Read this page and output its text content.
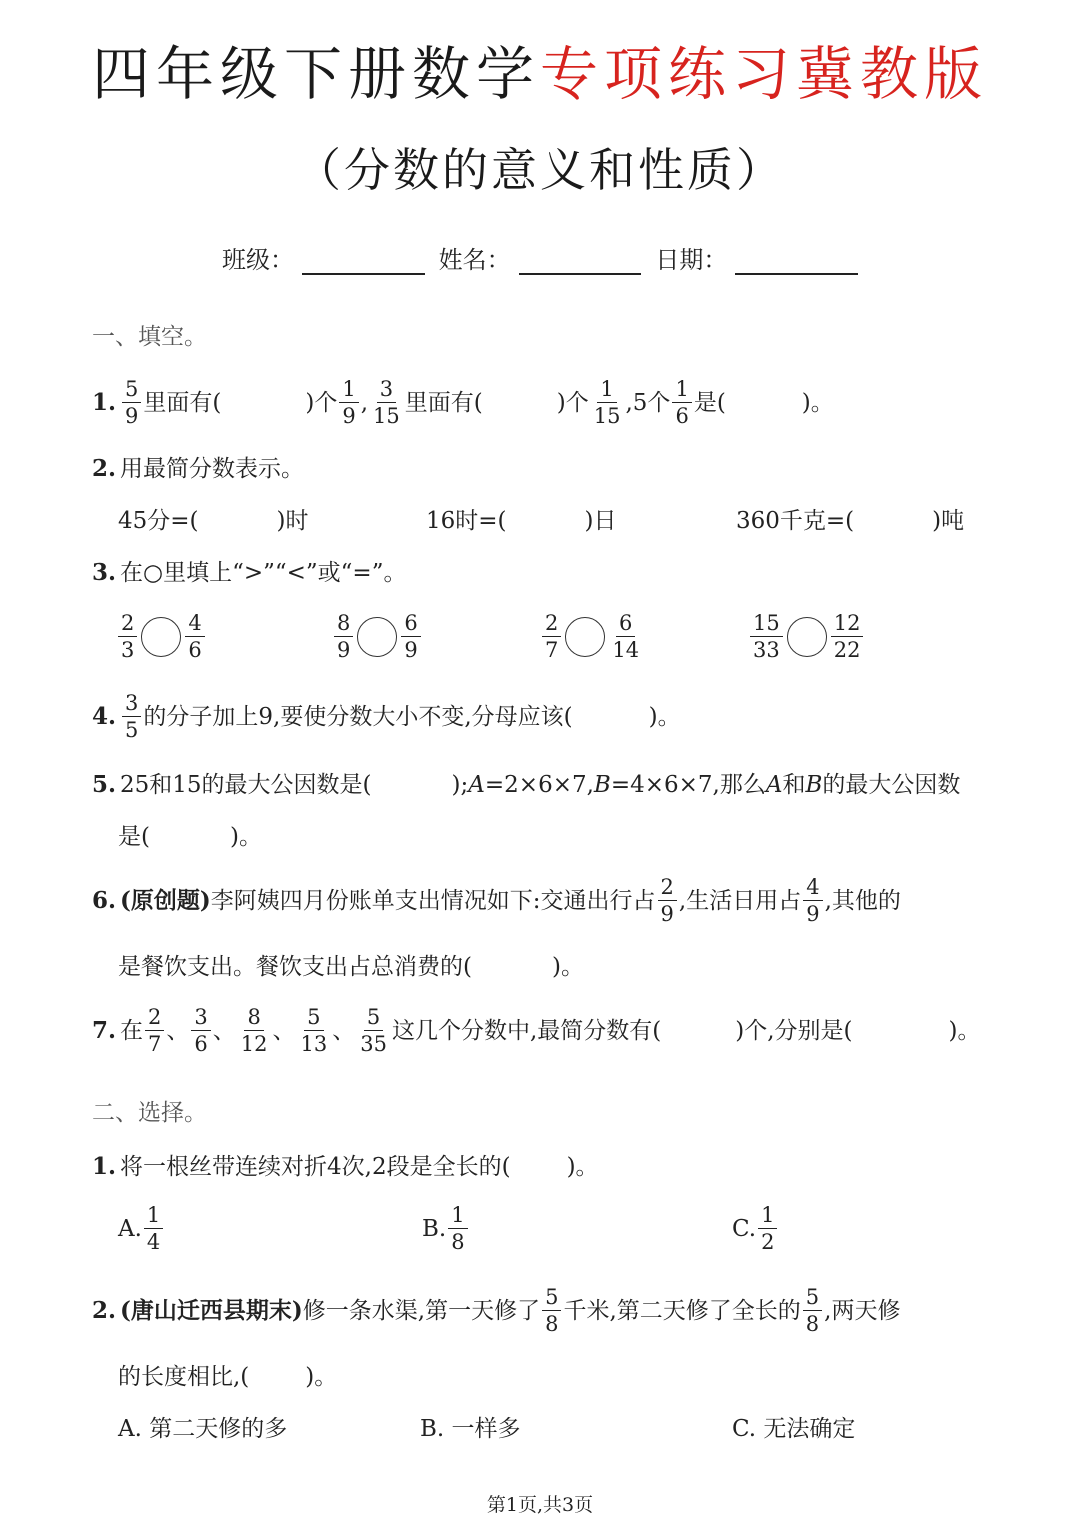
四年级下册数学专项练习冀教版
（分数的意义和性质）
班级：	姓名：	日期：
一、填空。
1. $\frac{5}{9}$ 里面有(	)个 $\frac{1}{9}$ , $\frac{3}{15}$ 里面有(	)个 $\frac{1}{15} ,5$个 $\frac{1}{6}$ 是(	)。
2. 用最简分数表示。
45分=(	)时	16时=(	)日	360千克=(	)吨
3. 在○里填上“>”“<”或“=”。
$\frac{2}{3} \frac{4}{6}$	$\frac{8}{9} \frac{6}{9}$	$\frac{2}{7} \frac{6}{14}$	$\frac{15}{33} \frac{12}{22}$
4. $\frac{3}{5}$ 的分子加上9,要使分数大小不变,分母应该(	)。
5. 25和15的最大公因数是(	); A =2×6×7, B =4×6×7,那么 A 和 B 的最大公因数
是(	)。
6. (原创题) 李阿姨四月份账单支出情况如下:交通出行占 $\frac{2}{9}$ ,生活日用占 $\frac{4}{9}$ ,其他的
是餐饮支出。餐饮支出占总消费的(	)。
7. 在 $\frac{2}{7}$ 、 $\frac{3}{6}$ 、 $\frac{8}{12}$ 、 $\frac{5}{13}$ 、 $\frac{5}{35}$ 这几个分数中,最简分数有(	)个,分别是(	)。
二、选择。
1. 将一根丝带连续对折4次,2段是全长的( )。
A. $\frac{1}{4}$	B. $\frac{1}{8}$	C. $\frac{1}{2}$
2. (唐山迁西县期末) 修一条水渠,第一天修了 $\frac{5}{8}$ 千米,第二天修了全长的 $\frac{5}{8}$ ,两天修
的长度相比,( )。
A. 第二天修的多	B. 一样多	C. 无法确定
第1页,共3页
